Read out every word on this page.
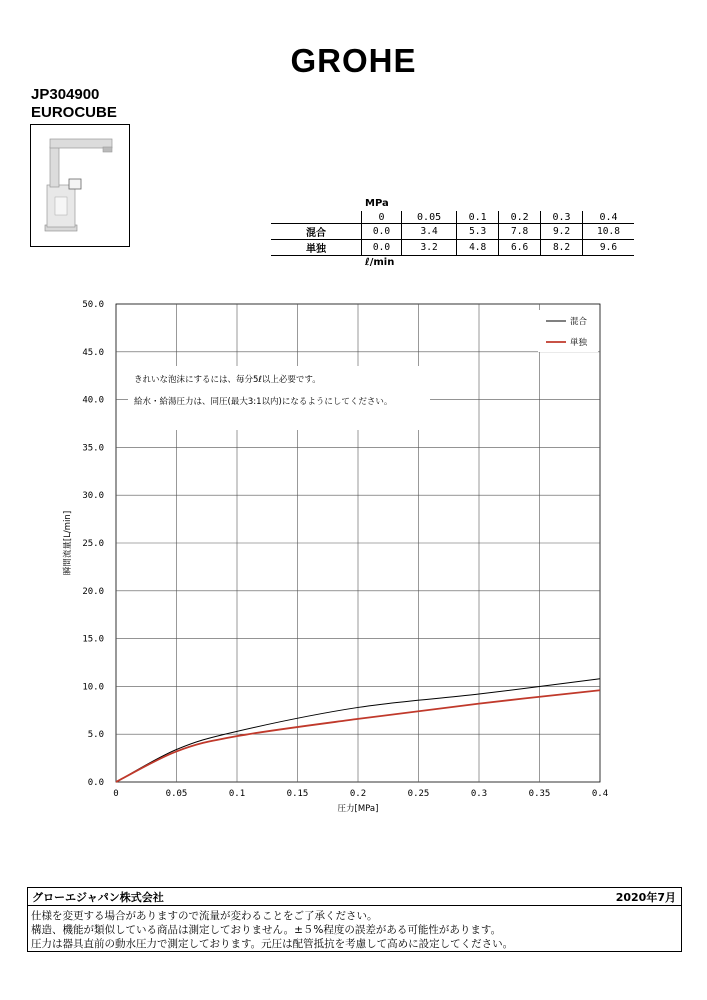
GROHE
JP304900
EUROCUBE
MPa
	0	0.05	0.1	0.2	0.3	0.4
混合	0.0	3.4	5.3	7.8	9.2	10.8
単独	0.0	3.2	4.8	6.6	8.2	9.6
ℓ/min
0	0.05	0.1	0.15	0.2	0.25	0.3	0.35	0.4
0.0
5.0
10.0
15.0
20.0
25.0
30.0
35.0
40.0
45.0
50.0
圧力[MPa]
瞬間流量[L/min]
きれいな泡沫にするには、毎分5ℓ以上必要です。
給水・給湯圧力は、同圧(最大3:1以内)になるようにしてください。
混合
単独
グローエジャパン株式会社	2020年7月
仕様を変更する場合がありますので流量が変わることをご了承ください。
構造、機能が類似している商品は測定しておりません。±５%程度の誤差がある可能性があります。
圧力は器具直前の動水圧力で測定しております。元圧は配管抵抗を考慮して高めに設定してください。
